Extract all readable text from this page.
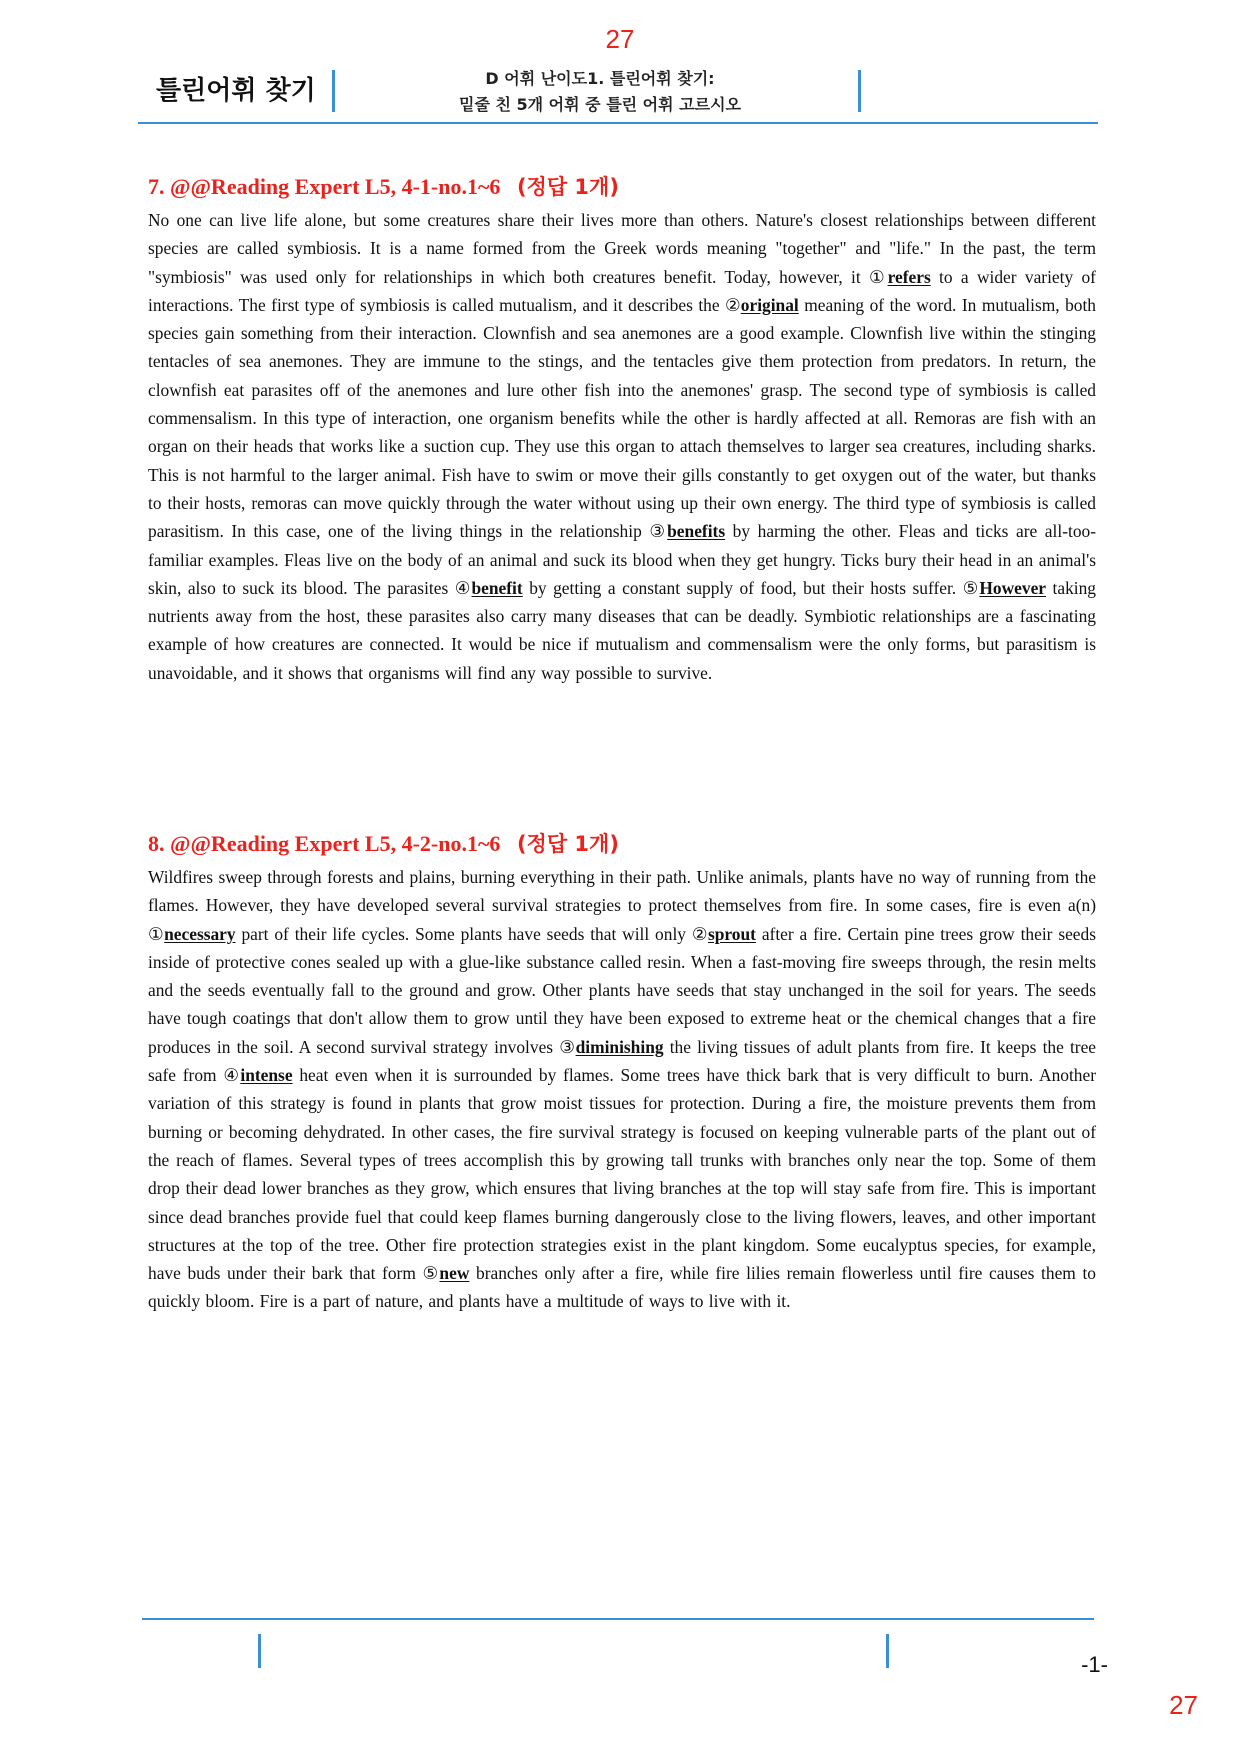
27
틀린어휘 찾기	D 어휘 난이도1. 틀린어휘 찾기:
밑줄 친 5개 어휘 중 틀린 어휘 고르시오
7. @@Reading Expert L5, 4-1-no.1~6 (정답 1개)

No one can live life alone, but some creatures share their lives more than others. Nature's closest relationships between different species are called symbiosis. It is a name formed from the Greek words meaning "together" and "life." In the past, the term "symbiosis" was used only for relationships in which both creatures benefit. Today, however, it ①refers to a wider variety of interactions. The first type of symbiosis is called mutualism, and it describes the ②original meaning of the word. In mutualism, both species gain something from their interaction. Clownfish and sea anemones are a good example. Clownfish live within the stinging tentacles of sea anemones. They are immune to the stings, and the tentacles give them protection from predators. In return, the clownfish eat parasites off of the anemones and lure other fish into the anemones' grasp. The second type of symbiosis is called commensalism. In this type of interaction, one organism benefits while the other is hardly affected at all. Remoras are fish with an organ on their heads that works like a suction cup. They use this organ to attach themselves to larger sea creatures, including sharks. This is not harmful to the larger animal. Fish have to swim or move their gills constantly to get oxygen out of the water, but thanks to their hosts, remoras can move quickly through the water without using up their own energy. The third type of symbiosis is called parasitism. In this case, one of the living things in the relationship ③benefits by harming the other. Fleas and ticks are all-too-familiar examples. Fleas live on the body of an animal and suck its blood when they get hungry. Ticks bury their head in an animal's skin, also to suck its blood. The parasites ④benefit by getting a constant supply of food, but their hosts suffer. ⑤However taking nutrients away from the host, these parasites also carry many diseases that can be deadly. Symbiotic relationships are a fascinating example of how creatures are connected. It would be nice if mutualism and commensalism were the only forms, but parasitism is unavoidable, and it shows that organisms will find any way possible to survive.

8. @@Reading Expert L5, 4-2-no.1~6 (정답 1개)

Wildfires sweep through forests and plains, burning everything in their path. Unlike animals, plants have no way of running from the flames. However, they have developed several survival strategies to protect themselves from fire. In some cases, fire is even a(n) ①necessary part of their life cycles. Some plants have seeds that will only ②sprout after a fire. Certain pine trees grow their seeds inside of protective cones sealed up with a glue-like substance called resin. When a fast-moving fire sweeps through, the resin melts and the seeds eventually fall to the ground and grow. Other plants have seeds that stay unchanged in the soil for years. The seeds have tough coatings that don't allow them to grow until they have been exposed to extreme heat or the chemical changes that a fire produces in the soil. A second survival strategy involves ③diminishing the living tissues of adult plants from fire. It keeps the tree safe from ④intense heat even when it is surrounded by flames. Some trees have thick bark that is very difficult to burn. Another variation of this strategy is found in plants that grow moist tissues for protection. During a fire, the moisture prevents them from burning or becoming dehydrated. In other cases, the fire survival strategy is focused on keeping vulnerable parts of the plant out of the reach of flames. Several types of trees accomplish this by growing tall trunks with branches only near the top. Some of them drop their dead lower branches as they grow, which ensures that living branches at the top will stay safe from fire. This is important since dead branches provide fuel that could keep flames burning dangerously close to the living flowers, leaves, and other important structures at the top of the tree. Other fire protection strategies exist in the plant kingdom. Some eucalyptus species, for example, have buds under their bark that form ⑤new branches only after a fire, while fire lilies remain flowerless until fire causes them to quickly bloom. Fire is a part of nature, and plants have a multitude of ways to live with it.

-1-
27
